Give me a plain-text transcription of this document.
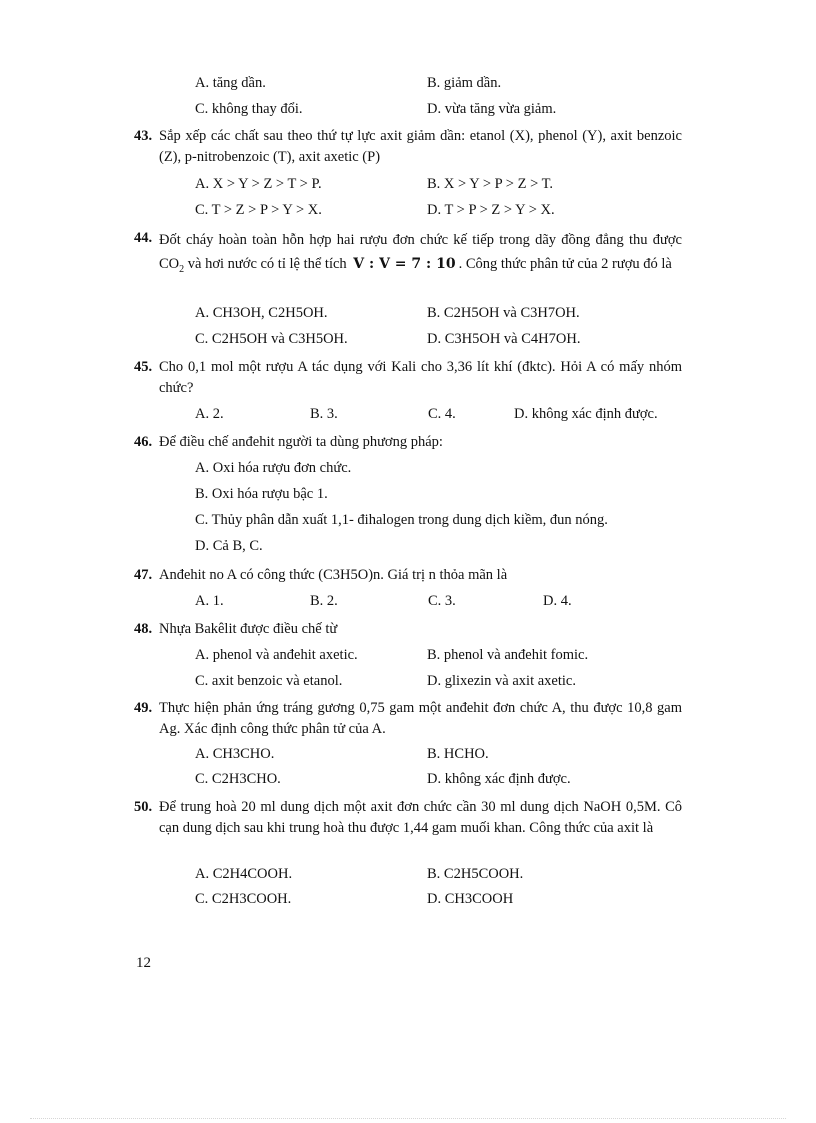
A. tăng dần.	B. giảm dần.
C. không thay đổi.	D. vừa tăng vừa giảm.
43. Sắp xếp các chất sau theo thứ tự lực axit giảm dần: etanol (X), phenol (Y), axit benzoic (Z), p-nitrobenzoic (T), axit axetic (P)
A. X > Y > Z > T > P.	B. X > Y > P > Z > T.
C. T > Z > P > Y > X.	D. T > P > Z > Y > X.
44. Đốt cháy hoàn toàn hỗn hợp hai rượu đơn chức kế tiếp trong dãy đồng đẳng thu được $CO_2$ và hơi nước có tỉ lệ thể tích V : V = 7 : 10 . Công thức phân tử của 2 rượu đó là
A. CH3OH, C2H5OH.	B. C2H5OH và C3H7OH.
C. C2H5OH và C3H5OH.	D. C3H5OH và C4H7OH.
45. Cho 0,1 mol một rượu A tác dụng với Kali cho 3,36 lít khí (đktc). Hỏi A có mấy nhóm chức?
A. 2.	B. 3.	C. 4.	D. không xác định được.
46. Để điều chế anđehit người ta dùng phương pháp:
A. Oxi hóa rượu đơn chức.
B. Oxi hóa rượu bậc 1.
C. Thủy phân dẫn xuất 1,1- đihalogen trong dung dịch kiềm, đun nóng.
D. Cả B, C.
47. Anđehit no A có công thức (C3H5O)n. Giá trị n thỏa mãn là
A. 1.	B. 2.	C. 3.	D. 4.
48. Nhựa Bakêlit được điều chế từ
A. phenol và anđehit axetic.	B. phenol và anđehit fomic.
C. axit benzoic và etanol.	D. glixezin và axit axetic.
49. Thực hiện phản ứng tráng gương 0,75 gam một anđehit đơn chức A, thu được 10,8 gam Ag. Xác định công thức phân tử của A.
A. CH3CHO.	B. HCHO.
C. C2H3CHO.	D. không xác định được.
50. Để trung hoà 20 ml dung dịch một axit đơn chức cần 30 ml dung dịch NaOH 0,5M. Cô cạn dung dịch sau khi trung hoà thu được 1,44 gam muối khan. Công thức của axit là
A. C2H4COOH.	B. C2H5COOH.
C. C2H3COOH.	D. CH3COOH
12
